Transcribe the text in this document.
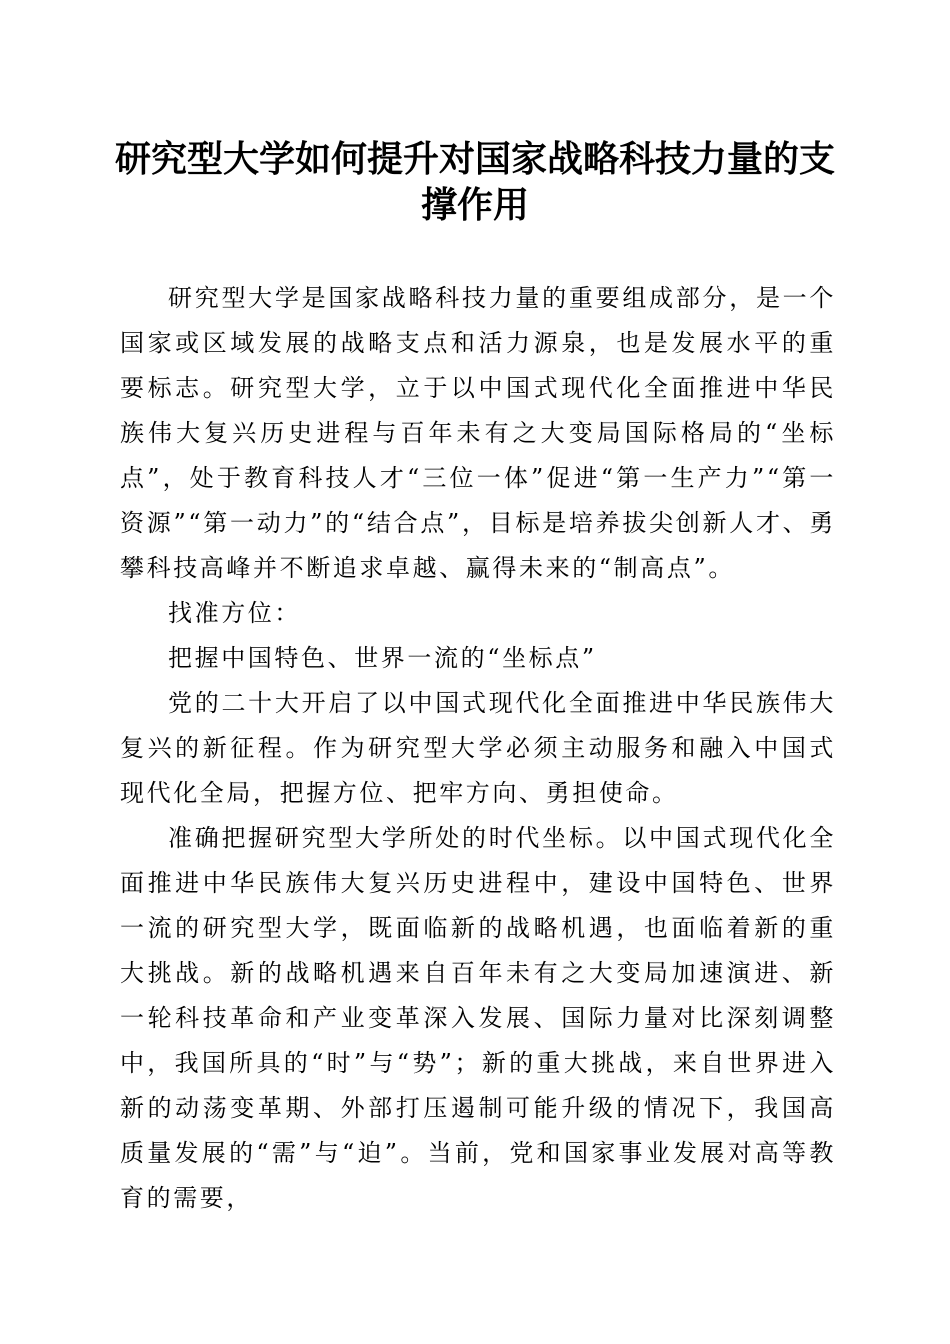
研究型大学如何提升对国家战略科技力量的支撑作用

研究型大学是国家战略科技力量的重要组成部分，是一个国家或区域发展的战略支点和活力源泉，也是发展水平的重要标志。研究型大学，立于以中国式现代化全面推进中华民族伟大复兴历史进程与百年未有之大变局国际格局的“坐标点”，处于教育科技人才“三位一体”促进“第一生产力”“第一资源”“第一动力”的“结合点”，目标是培养拔尖创新人才、勇攀科技高峰并不断追求卓越、赢得未来的“制高点”。

找准方位：

把握中国特色、世界一流的“坐标点”

党的二十大开启了以中国式现代化全面推进中华民族伟大复兴的新征程。作为研究型大学必须主动服务和融入中国式现代化全局，把握方位、把牢方向、勇担使命。

准确把握研究型大学所处的时代坐标。以中国式现代化全面推进中华民族伟大复兴历史进程中，建设中国特色、世界一流的研究型大学，既面临新的战略机遇，也面临着新的重大挑战。新的战略机遇来自百年未有之大变局加速演进、新一轮科技革命和产业变革深入发展、国际力量对比深刻调整中，我国所具的“时”与“势”；新的重大挑战，来自世界进入新的动荡变革期、外部打压遏制可能升级的情况下，我国高质量发展的“需”与“迫”。当前，党和国家事业发展对高等教育的需要，
